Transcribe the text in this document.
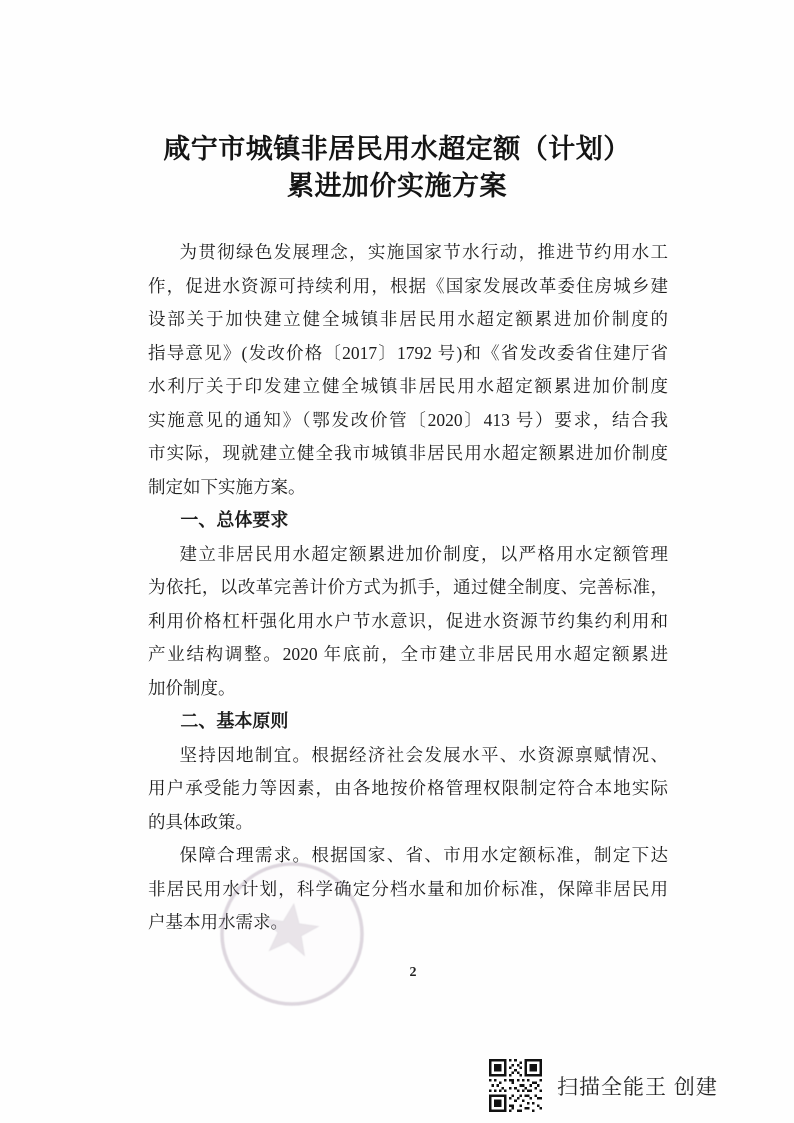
咸宁市城镇非居民用水超定额（计划）
累进加价实施方案
为贯彻绿色发展理念，实施国家节水行动，推进节约用水工
作，促进水资源可持续利用，根据《国家发展改革委住房城乡建
设部关于加快建立健全城镇非居民用水超定额累进加价制度的
指导意见》(发改价格〔2017〕1792 号)和《省发改委省住建厅省
水利厅关于印发建立健全城镇非居民用水超定额累进加价制度
实施意见的通知》（鄂发改价管〔2020〕413 号）要求，结合我
市实际，现就建立健全我市城镇非居民用水超定额累进加价制度
制定如下实施方案。
一、总体要求
建立非居民用水超定额累进加价制度，以严格用水定额管理
为依托，以改革完善计价方式为抓手，通过健全制度、完善标准，
利用价格杠杆强化用水户节水意识，促进水资源节约集约利用和
产业结构调整。2020 年底前，全市建立非居民用水超定额累进
加价制度。
二、基本原则
坚持因地制宜。根据经济社会发展水平、水资源禀赋情况、
用户承受能力等因素，由各地按价格管理权限制定符合本地实际
的具体政策。
保障合理需求。根据国家、省、市用水定额标准，制定下达
非居民用水计划，科学确定分档水量和加价标准，保障非居民用
户基本用水需求。
2
扫描全能王 创建
